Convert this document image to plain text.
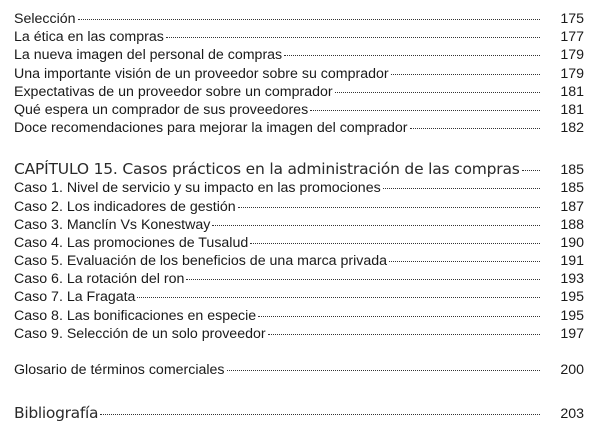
Selección	175
La ética en las compras	177
La nueva imagen del personal de compras	179
Una importante visión de un proveedor sobre su comprador	179
Expectativas de un proveedor sobre un comprador	181
Qué espera un comprador de sus proveedores	181
Doce recomendaciones para mejorar la imagen del comprador	182
CAPÍTULO 15. Casos prácticos en la administración de las compras	185
Caso 1. Nivel de servicio y su impacto en las promociones	185
Caso 2. Los indicadores de gestión	187
Caso 3. Manclín Vs Konestway	188
Caso 4. Las promociones de Tusalud	190
Caso 5. Evaluación de los beneficios de una marca privada	191
Caso 6. La rotación del ron	193
Caso 7. La Fragata	195
Caso 8. Las bonificaciones en especie	195
Caso 9. Selección de un solo proveedor	197
Glosario de términos comerciales	200
Bibliografía	203
